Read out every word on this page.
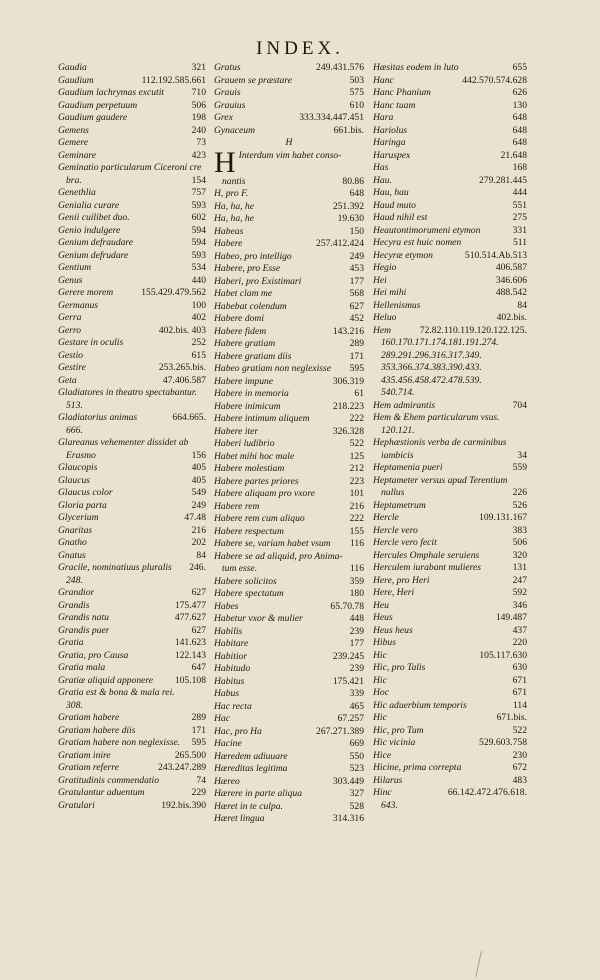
INDEX.
Gaudia	321
Gaudium	112.192.585.661
Gaudium lachrymas excutit	710
Gaudium perpetuum	506
Gaudium gaudere	198
Gemens	240
Gemere	73
Geminare	423
Geminatio particularum Ciceroni cre
bra.	154
Genethlia	757
Genialia curare	593
Genii cuilibet duo.	602
Genio indulgere	594
Genium defraudare	594
Genium defrudare	593
Gentium	534
Genus	440
Gerere morem	155.429.479.562
Germanus	100
Gerra	402
Gerro	402.bis. 403
Gestare in oculis	252
Gestio	615
Gestire	253.265.bis.
Geta	47.406.587
Gladiatores in theatro spectabantur.
513.
Gladiatorius animus	664.665.
666.
Glareanus vehementer dissidet ab
Erasmo	156
Glaucopis	405
Glaucus	405
Glaucus color	549
Gloria parta	249
Glycerium	47.48
Gnaritas	216
Gnatho	202
Gnatus	84
Gracile, nominatiuus pluralis	246.
248.
Grandior	627
Grandis	175.477
Grandis natu	477.627
Grandis puer	627
Gratia	141.623
Gratia, pro Causa	122.143
Gratia mala	647
Gratiæ aliquid apponere	105.108
Gratia est & bona & mala rei.
308.
Gratiam habere	289
Gratiam habere diis	171
Gratiam habere non neglexisse.	595
Gratiam inire	265.500
Gratiam referre	243.247.289
Gratitudinis commendatio	74
Gratulantur aduentum	229
Gratulari	192.bis.390
Gratus	249.431.576
Grauem se præstare	503
Grauis	575
Grauius	610
Grex	333.334.447.451
Gynaceum	661.bis.
H
H Interdum vim habet conso-
nantis	80.86
H, pro F.	648
Ha, ha, he	251.392
Ha, ha, he	19.630
Habeas	150
Habere	257.412.424
Habeo, pro intelligo	249
Habere, pro Esse	453
Haberi, pro Existimari	177
Habet clam me	568
Habebat colendum	627
Habere domi	452
Habere fidem	143.216
Habere gratiam	289
Habere gratiam diis	171
Habeo gratiam non neglexisse	595
Habere impune	306.319
Habere in memoria	61
Habere inimicum	218.223
Habere intimum aliquem	222
Habere iter	326.328
Haberi ludibrio	522
Habet mihi hoc male	125
Habere molestiam	212
Habere partes priores	223
Habere aliquam pro vxore	101
Habere rem	216
Habere rem cum aliquo	222
Habere respectum	155
Habere se, variam habet vsum	116
Habere se ad aliquid, pro Anima-
tum esse.	116
Habere solicitos	359
Habere spectatum	180
Habes	65.70.78
Habetur vxor & mulier	448
Habilis	239
Habitare	177
Habitior	239.245
Habitudo	239
Habitus	175.421
Habus	339
Hac recta	465
Hac	67.257
Hac, pro Ha	267.271.389
Hacine	669
Hæredem adiuuare	550
Hæreditas legitima	523
Hæreo	303.449
Hærere in parte aliqua	327
Hæret in te culpa.	528
Hæret lingua	314.316
Hæsitas eodem in luto	655
Hanc	442.570.574.628
Hanc Phanium	626
Hanc tuam	130
Hara	648
Hariolus	648
Haringa	648
Haruspex	21.648
Has	168
Hau.	279.281.445
Hau, hau	444
Haud muto	551
Haud nihil est	275
Heautontimorumeni etymon	331
Hecyra est huic nomen	511
Hecyræ etymon	510.514.Ab.513
Hegio	406.587
Hei	346.606
Hei mihi	488.542
Hellenismus	84
Heluo	402.bis.
Hem	72.82.110.119.120.122.125.
160.170.171.174.181.191.274.
289.291.296.316.317.349.
353.366.374.383.390.433.
435.456.458.472.478.539.
540.714.
Hem admirantis	704
Hem & Ehem particularum vsus.
120.121.
Hephæstionis verba de carminibus
iambicis	34
Heptamenia pueri	559
Heptameter versus apud Terentium
nullus	226
Heptametrum	526
Hercle	109.131.167
Hercle vero	383
Hercle vero fecit	506
Hercules Omphale seruiens	320
Herculem iurabant mulieres	131
Here, pro Heri	247
Here, Heri	592
Heu	346
Heus	149.487
Heus heus	437
Hibus	220
Hic	105.117.630
Hic, pro Talis	630
Hic	671
Hoc	671
Hic aduerbium temporis	114
Hic	671.bis.
Hic, pro Tum	522
Hic vicinia	529.603.758
Hice	230
Hicine, prima correpta	672
Hilarus	483
Hinc	66.142.472.476.618.
643.
